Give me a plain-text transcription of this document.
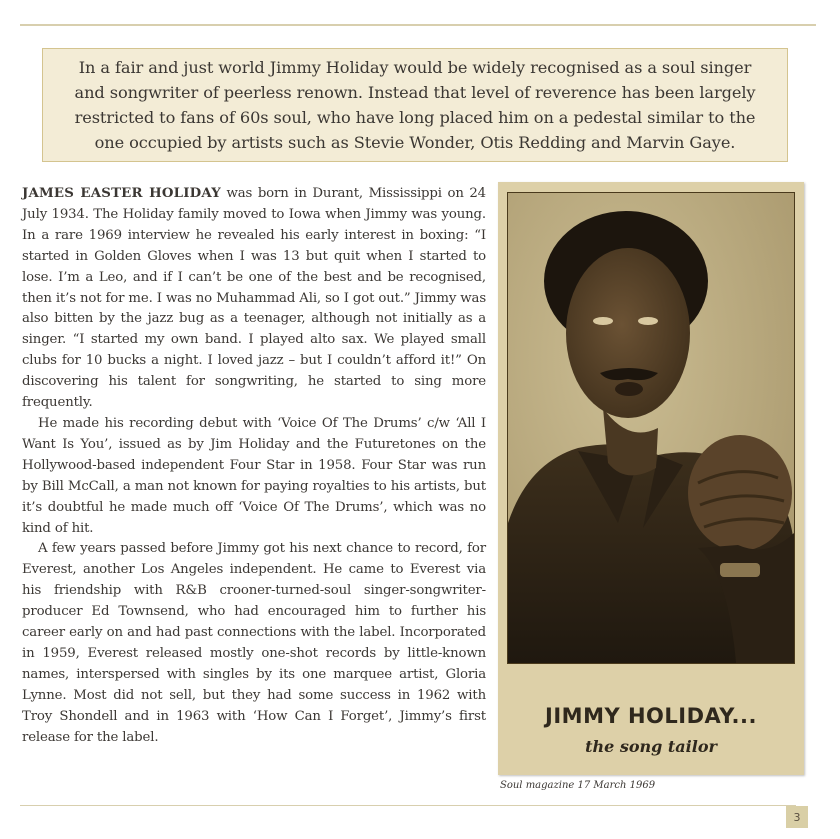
In a fair and just world Jimmy Holiday would be widely recognised as a soul singer and songwriter of peerless renown. Instead that level of reverence has been largely restricted to fans of 60s soul, who have long placed him on a pedestal similar to the one occupied by artists such as Stevie Wonder, Otis Redding and Marvin Gaye.

JAMES EASTER HOLIDAY was born in Durant, Mississippi on 24 July 1934. The Holiday family moved to Iowa when Jimmy was young. In a rare 1969 interview he revealed his early interest in boxing: “I started in Golden Gloves when I was 13 but quit when I started to lose. I’m a Leo, and if I can’t be one of the best and be recognised, then it’s not for me. I was no Muhammad Ali, so I got out.” Jimmy was also bitten by the jazz bug as a teenager, although not initially as a singer. “I started my own band. I played alto sax. We played small clubs for 10 bucks a night. I loved jazz – but I couldn’t afford it!” On discovering his talent for songwriting, he started to sing more frequently.

He made his recording debut with ‘Voice Of The Drums’ c/w ‘All I Want Is You’, issued as by Jim Holiday and the Futuretones on the Hollywood-based independent Four Star in 1958. Four Star was run by Bill McCall, a man not known for paying royalties to his artists, but it’s doubtful he made much off ‘Voice Of The Drums’, which was no kind of hit.

A few years passed before Jimmy got his next chance to record, for Everest, another Los Angeles independent. He came to Everest via his friendship with R&B crooner-turned-soul singer-songwriter-producer Ed Townsend, who had encouraged him to further his career early on and had past connections with the label. Incorporated in 1959, Everest released mostly one-shot records by little-known names, interspersed with singles by its one marquee artist, Gloria Lynne. Most did not sell, but they had some success in 1962 with Troy Shondell and in 1963 with ‘How Can I Forget’, Jimmy’s first release for the label.

JIMMY HOLIDAY...
the song tailor
Soul magazine 17 March 1969
3
